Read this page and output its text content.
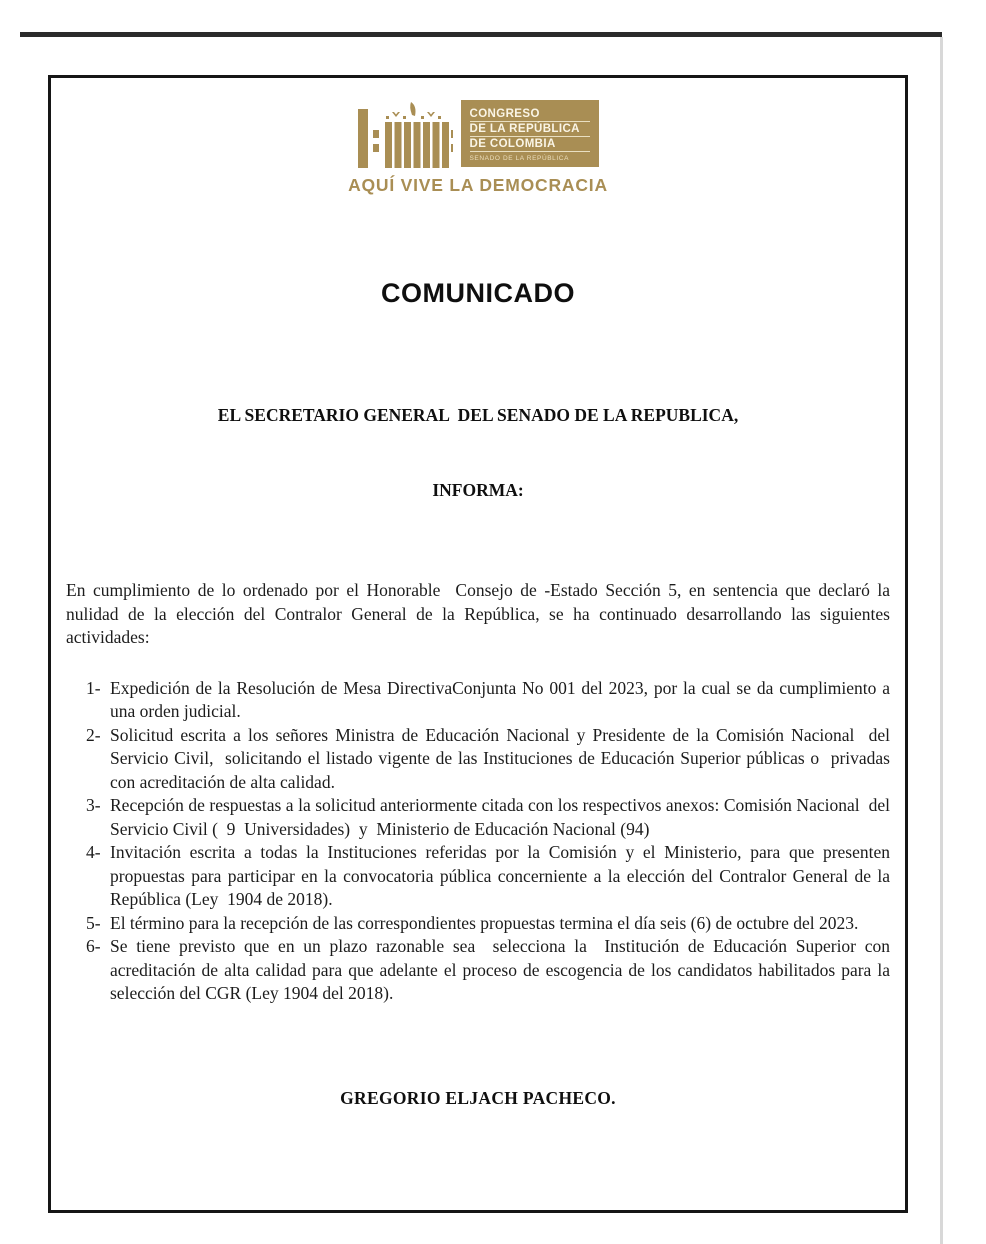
CONGRESO
DE LA REPÚBLICA
DE COLOMBIA
SENADO DE LA REPÚBLICA
AQUÍ VIVE LA DEMOCRACIA
COMUNICADO

EL SECRETARIO GENERAL  DEL SENADO DE LA REPUBLICA,

INFORMA:

En cumplimiento de lo ordenado por el Honorable  Consejo de -Estado Sección 5, en sentencia que declaró la nulidad de la elección del Contralor General de la República, se ha continuado desarrollando las siguientes actividades:

1- Expedición de la Resolución de Mesa DirectivaConjunta No 001 del 2023, por la cual se da cumplimiento a una orden judicial.
2- Solicitud escrita a los señores Ministra de Educación Nacional y Presidente de la Comisión Nacional  del Servicio Civil,  solicitando el listado vigente de las Instituciones de Educación Superior públicas o  privadas con acreditación de alta calidad.
3- Recepción de respuestas a la solicitud anteriormente citada con los respectivos anexos: Comisión Nacional  del Servicio Civil (  9  Universidades)  y  Ministerio de Educación Nacional (94)
4- Invitación escrita a todas la Instituciones referidas por la Comisión y el Ministerio, para que presenten propuestas para participar en la convocatoria pública concerniente a la elección del Contralor General de la República (Ley  1904 de 2018).
5- El término para la recepción de las correspondientes propuestas termina el día seis (6) de octubre del 2023.
6- Se tiene previsto que en un plazo razonable sea  selecciona la  Institución de Educación Superior con acreditación de alta calidad para que adelante el proceso de escogencia de los candidatos habilitados para la selección del CGR (Ley 1904 del 2018).
GREGORIO ELJACH PACHECO.
